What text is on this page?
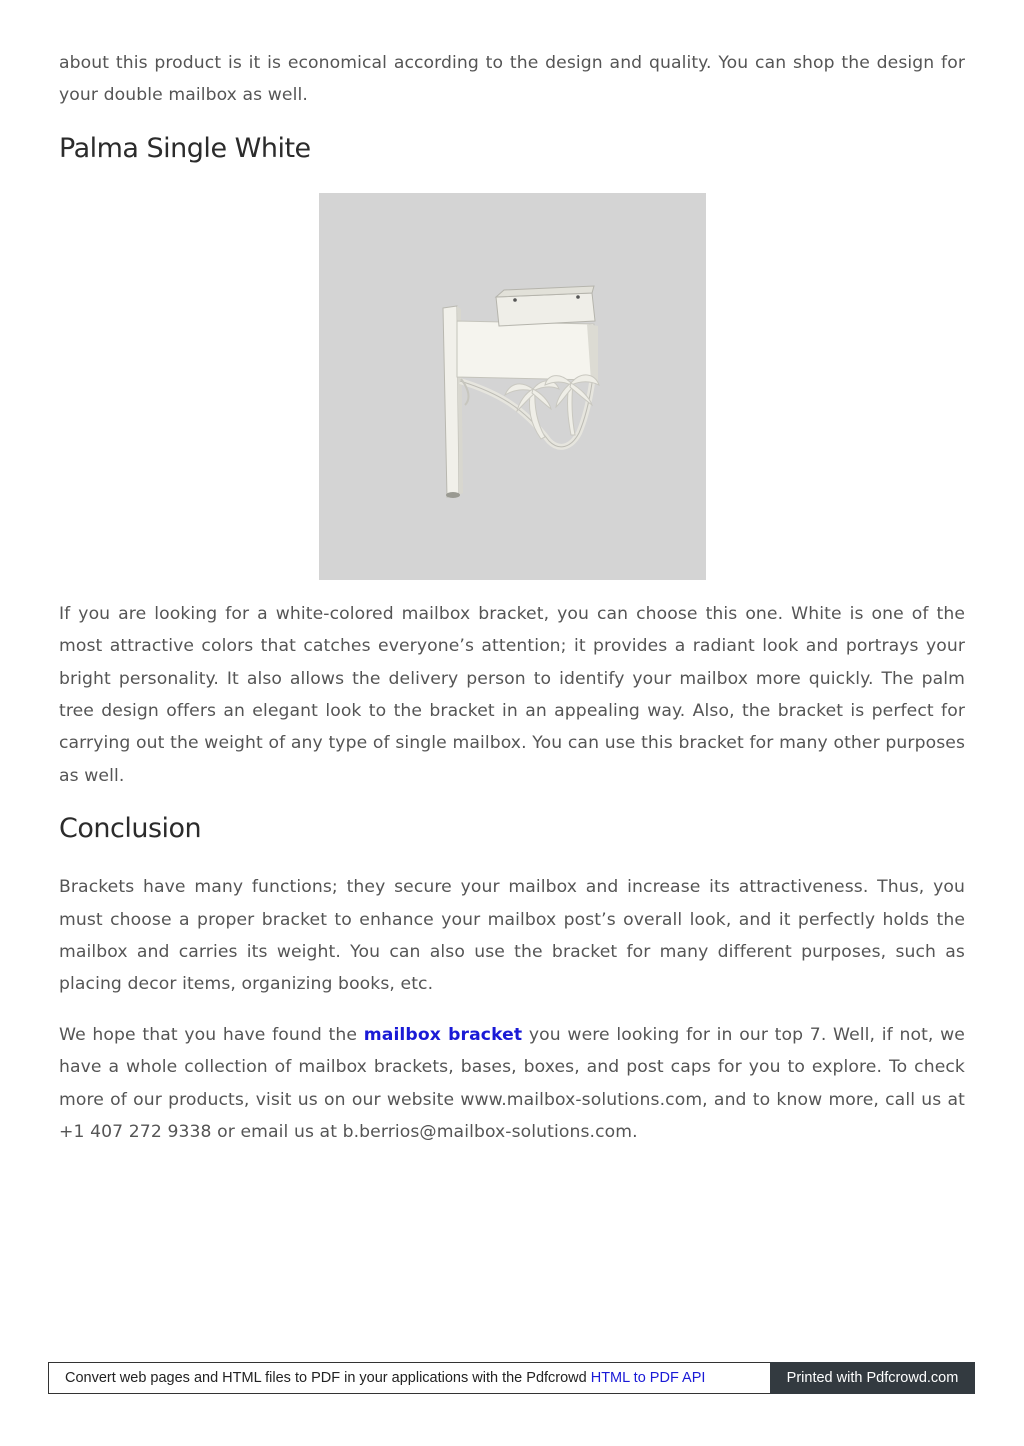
about this product is it is economical according to the design and quality. You can shop the design for your double mailbox as well.

Palma Single White

If you are looking for a white-colored mailbox bracket, you can choose this one. White is one of the most attractive colors that catches everyone’s attention; it provides a radiant look and portrays your bright personality. It also allows the delivery person to identify your mailbox more quickly. The palm tree design offers an elegant look to the bracket in an appealing way. Also, the bracket is perfect for carrying out the weight of any type of single mailbox. You can use this bracket for many other purposes as well.

Conclusion

Brackets have many functions; they secure your mailbox and increase its attractiveness. Thus, you must choose a proper bracket to enhance your mailbox post’s overall look, and it perfectly holds the mailbox and carries its weight. You can also use the bracket for many different purposes, such as placing decor items, organizing books, etc.

We hope that you have found the mailbox bracket you were looking for in our top 7. Well, if not, we have a whole collection of mailbox brackets, bases, boxes, and post caps for you to explore. To check more of our products, visit us on our website www.mailbox-solutions.com, and to know more, call us at +1 407 272 9338 or email us at b.berrios@mailbox-solutions.com.

Convert web pages and HTML files to PDF in your applications with the Pdfcrowd HTML to PDF API	Printed with Pdfcrowd.com
